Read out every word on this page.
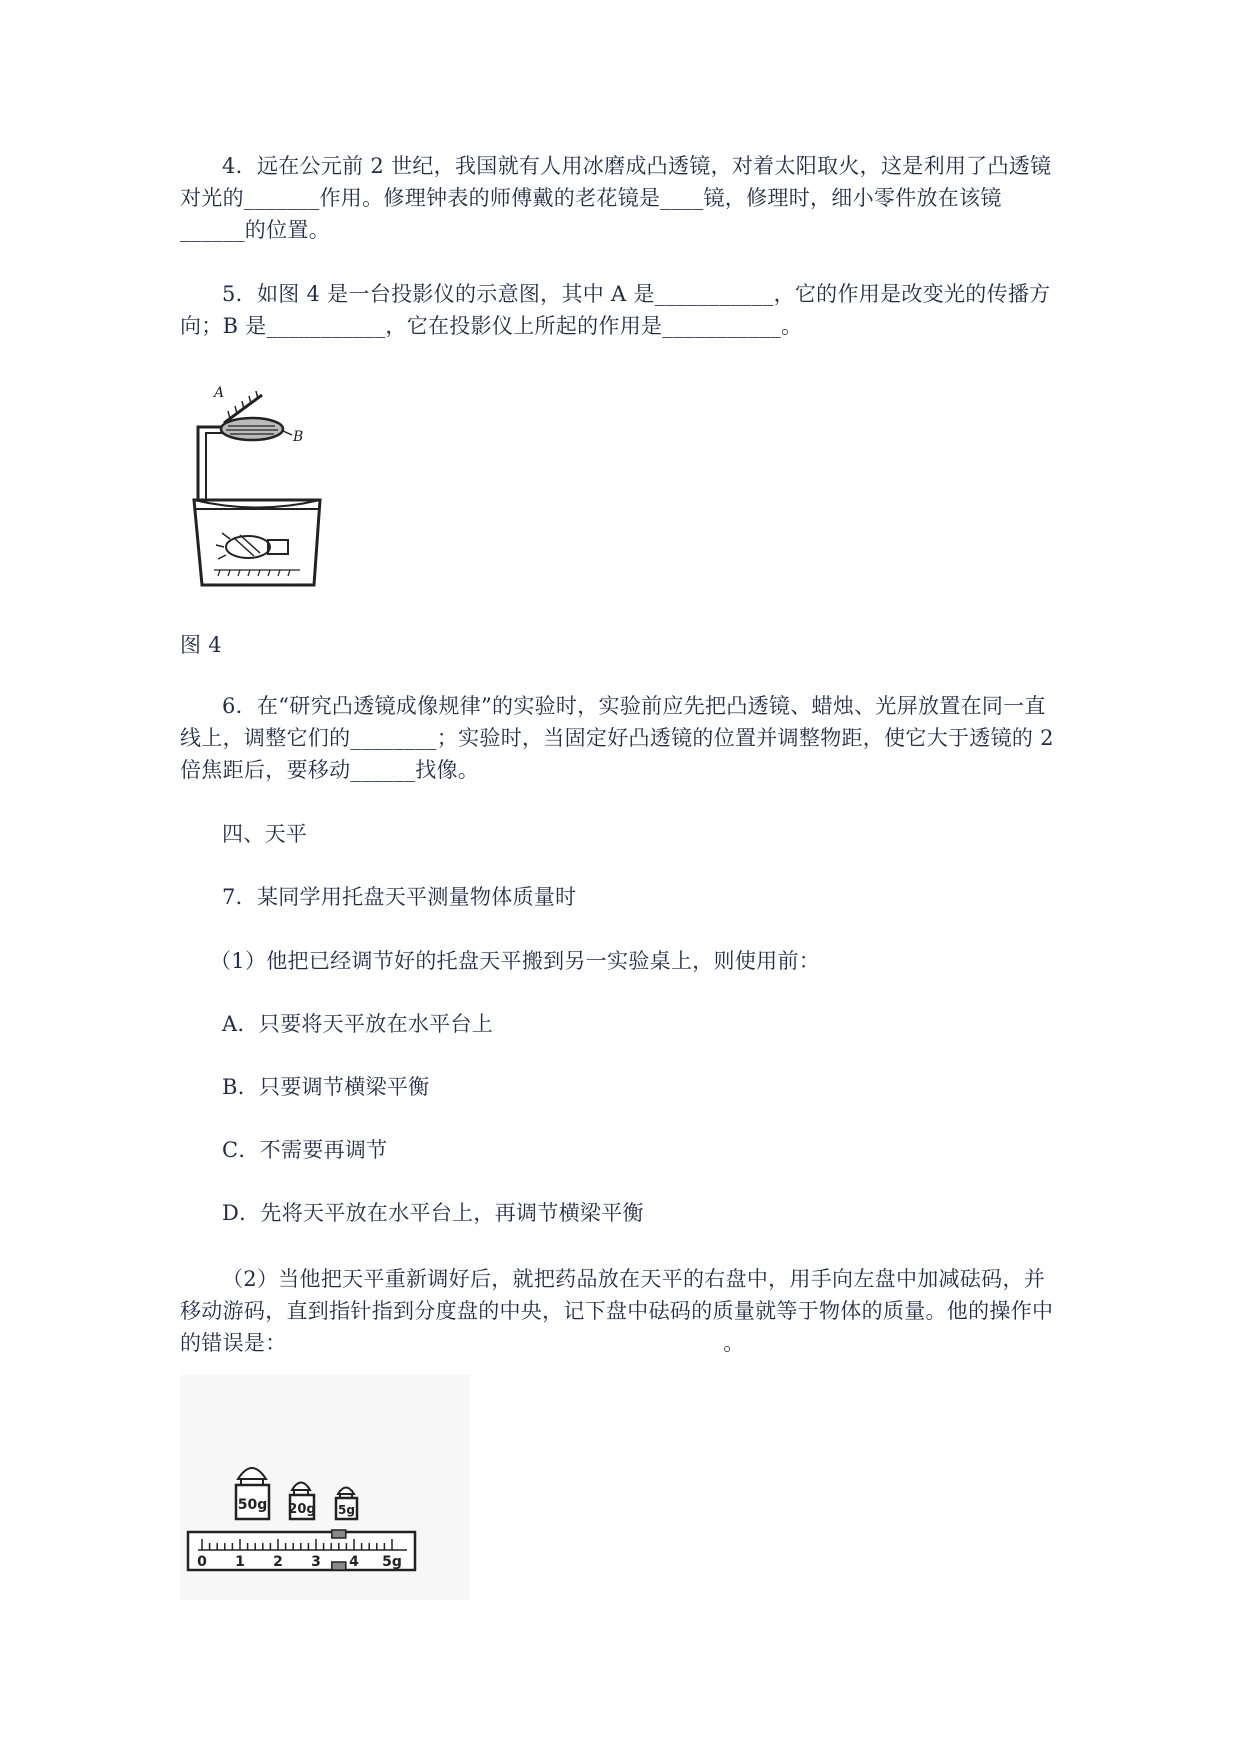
4．远在公元前 2 世纪，我国就有人用冰磨成凸透镜，对着太阳取火，这是利用了凸透镜对光的_______作用。修理钟表的师傅戴的老花镜是____镜，修理时，细小零件放在该镜______的位置。

5．如图 4 是一台投影仪的示意图，其中 A 是___________，它的作用是改变光的传播方向；B 是___________，它在投影仪上所起的作用是___________。

A
B

图 4

6．在“研究凸透镜成像规律”的实验时，实验前应先把凸透镜、蜡烛、光屏放置在同一直线上，调整它们的________；实验时，当固定好凸透镜的位置并调整物距，使它大于透镜的 2 倍焦距后，要移动______找像。

四、天平

7．某同学用托盘天平测量物体质量时

（1）他把已经调节好的托盘天平搬到另一实验桌上，则使用前：

A．只要将天平放在水平台上

B．只要调节横梁平衡

C．不需要再调节

D．先将天平放在水平台上，再调节横梁平衡

（2）当他把天平重新调好后，就把药品放在天平的右盘中，用手向左盘中加减砝码，并移动游码，直到指针指到分度盘的中央，记下盘中砝码的质量就等于物体的质量。他的操作中的错误是：　　　　　　　　　　　　　　　　　　　　　。

50g 20g 5g
0 1 2 3 4 5g
